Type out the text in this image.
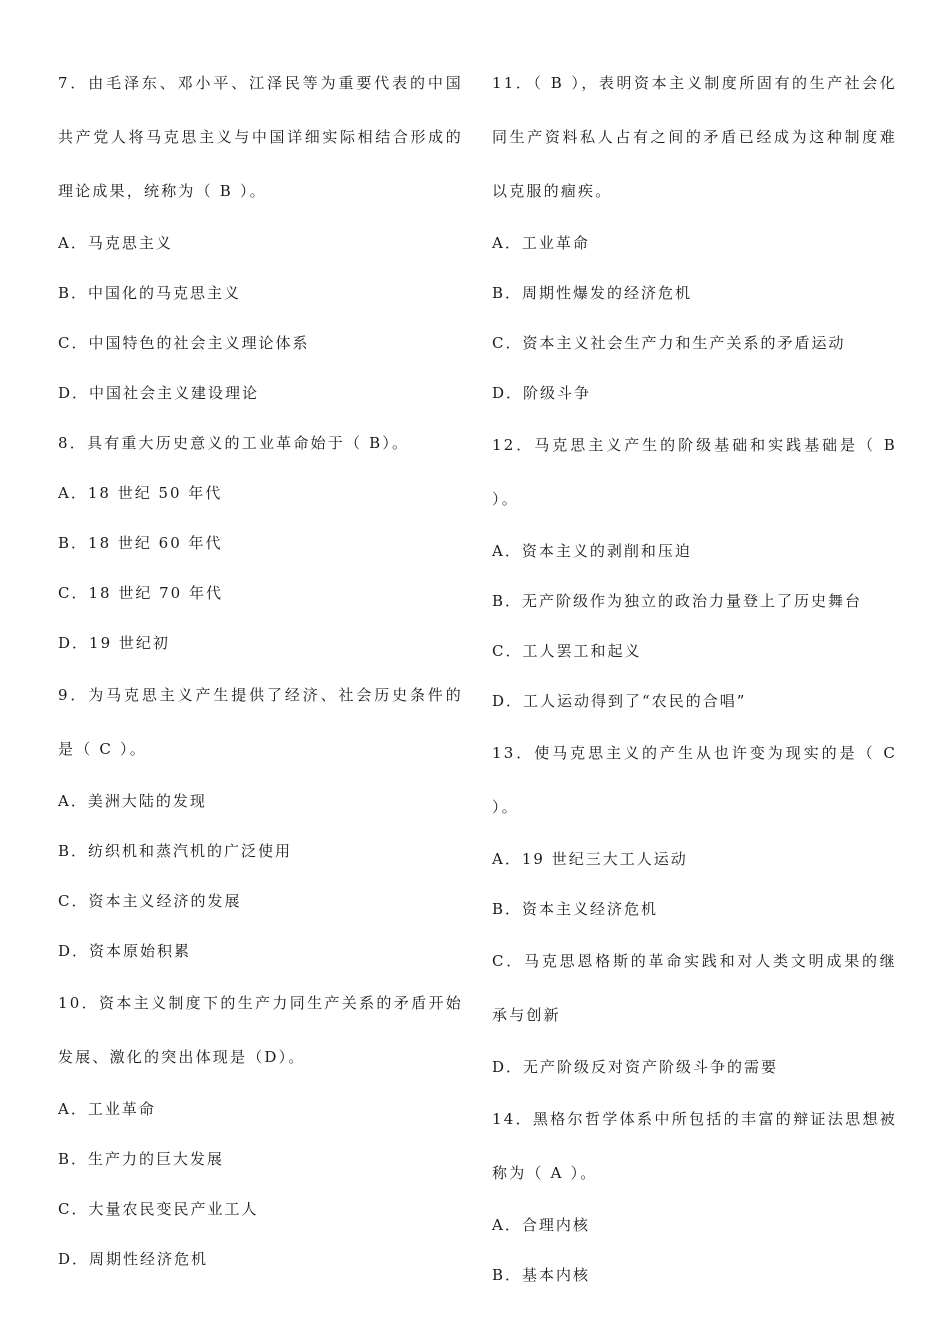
7．由毛泽东、邓小平、江泽民等为重要代表的中国共产党人将马克思主义与中国详细实际相结合形成的理论成果，统称为（ B ）。

A．马克思主义

B．中国化的马克思主义

C．中国特色的社会主义理论体系

D．中国社会主义建设理论

8．具有重大历史意义的工业革命始于（ B）。

A．18 世纪 50 年代

B．18 世纪 60 年代

C．18 世纪 70 年代

D．19 世纪初

9．为马克思主义产生提供了经济、社会历史条件的是（ C ）。

A．美洲大陆的发现

B．纺织机和蒸汽机的广泛使用

C．资本主义经济的发展

D．资本原始积累

10．资本主义制度下的生产力同生产关系的矛盾开始发展、激化的突出体现是（D）。

A．工业革命

B．生产力的巨大发展

C．大量农民变民产业工人

D．周期性经济危机

11．（ B ），表明资本主义制度所固有的生产社会化同生产资料私人占有之间的矛盾已经成为这种制度难以克服的痼疾。

A．工业革命

B．周期性爆发的经济危机

C．资本主义社会生产力和生产关系的矛盾运动

D．阶级斗争

12．马克思主义产生的阶级基础和实践基础是（ B ）。

A．资本主义的剥削和压迫

B．无产阶级作为独立的政治力量登上了历史舞台

C．工人罢工和起义

D．工人运动得到了“农民的合唱”

13．使马克思主义的产生从也许变为现实的是（ C ）。

A．19 世纪三大工人运动

B．资本主义经济危机

C．马克思恩格斯的革命实践和对人类文明成果的继承与创新

D．无产阶级反对资产阶级斗争的需要

14．黑格尔哲学体系中所包括的丰富的辩证法思想被称为（ A ）。

A．合理内核

B．基本内核
